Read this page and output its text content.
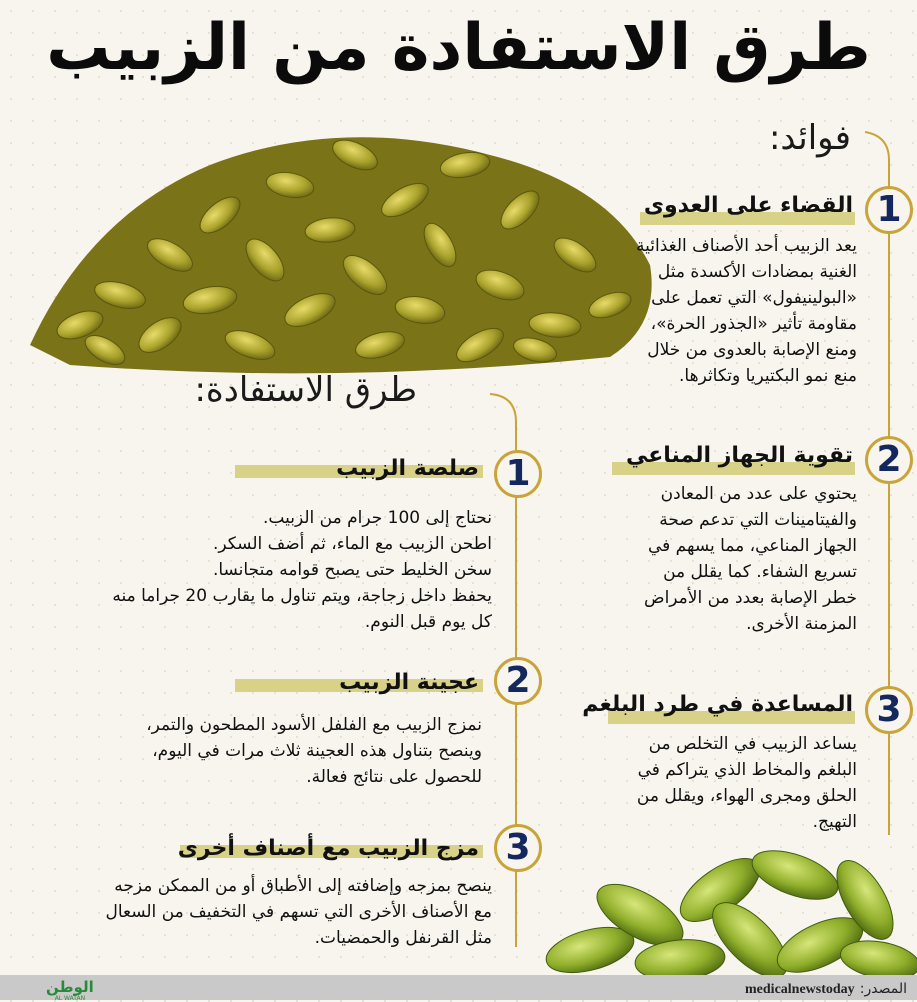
طرق الاستفادة من الزبيب
فوائد:
1
القضاء على العدوى
يعد الزبيب أحد الأصناف الغذائية
الغنية بمضادات الأكسدة مثل
«البولينيفول» التي تعمل على
مقاومة تأثير «الجذور الحرة»،
ومنع الإصابة بالعدوى من خلال
منع نمو البكتيريا وتكاثرها.
2
تقوية الجهاز المناعي
يحتوي على عدد من المعادن
والفيتامينات التي تدعم صحة
الجهاز المناعي، مما يسهم في
تسريع الشفاء. كما يقلل من
خطر الإصابة بعدد من الأمراض
المزمنة الأخرى.
3
المساعدة في طرد البلغم
يساعد الزبيب في التخلص من
البلغم والمخاط الذي يتراكم في
الحلق ومجرى الهواء، ويقلل من
التهيج.
طرق الاستفادة:
1
صلصة الزبيب
نحتاج إلى 100 جرام من الزبيب.
اطحن الزبيب مع الماء، ثم أضف السكر.
سخن الخليط حتى يصبح قوامه متجانسا.
يحفظ داخل زجاجة، ويتم تناول ما يقارب 20 جراما منه
كل يوم قبل النوم.
2
عجينة الزبيب
نمزج الزبيب مع الفلفل الأسود المطحون والتمر،
وينصح بتناول هذه العجينة ثلاث مرات في اليوم،
للحصول على نتائج فعالة.
3
مزج الزبيب مع أصناف أخرى
ينصح بمزجه وإضافته إلى الأطباق أو من الممكن مزجه
مع الأصناف الأخرى التي تسهم في التخفيف من السعال
مثل القرنفل والحمضيات.
الوطن
AL WATAN
المصدر: medicalnewstoday
